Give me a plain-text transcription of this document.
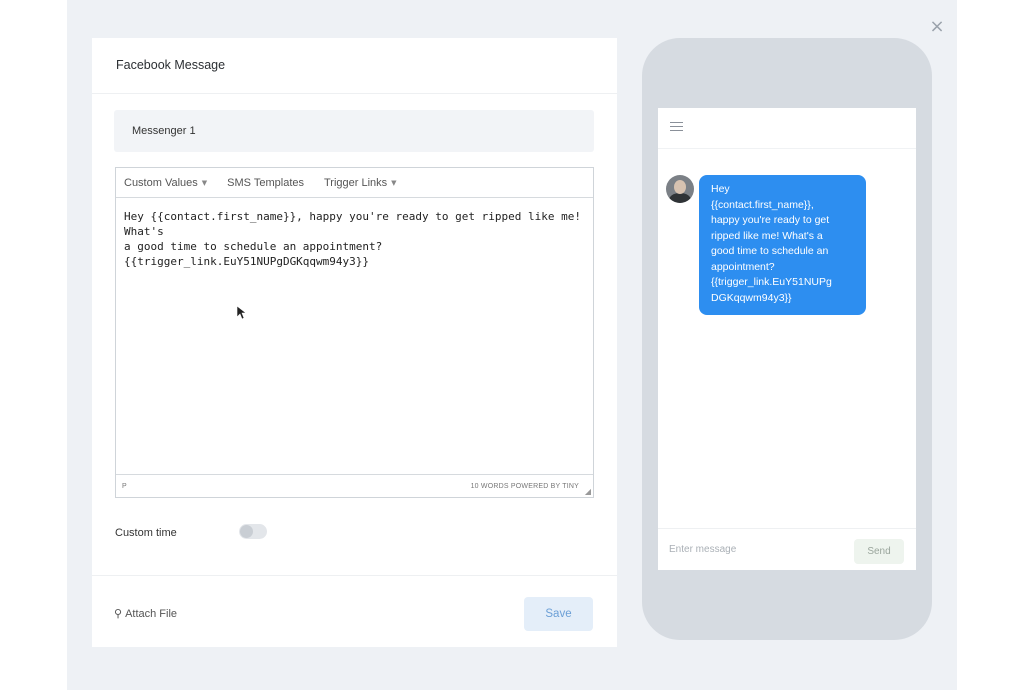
×
Facebook Message
Messenger 1
Custom Values ▼ SMS Templates Trigger Links ▼
Hey {{contact.first_name}}, happy you're ready to get ripped like me! What's
a good time to schedule an appointment?
{{trigger_link.EuY51NUPgDGKqqwm94y3}}
P	10 WORDS POWERED BY TINY
◢
Custom time
⚲ Attach File	Save
Hey
{{contact.first_name}},
happy you're ready to get
ripped like me! What's a
good time to schedule an
appointment?
{{trigger_link.EuY51NUPg
DGKqqwm94y3}}
Enter message	Send
